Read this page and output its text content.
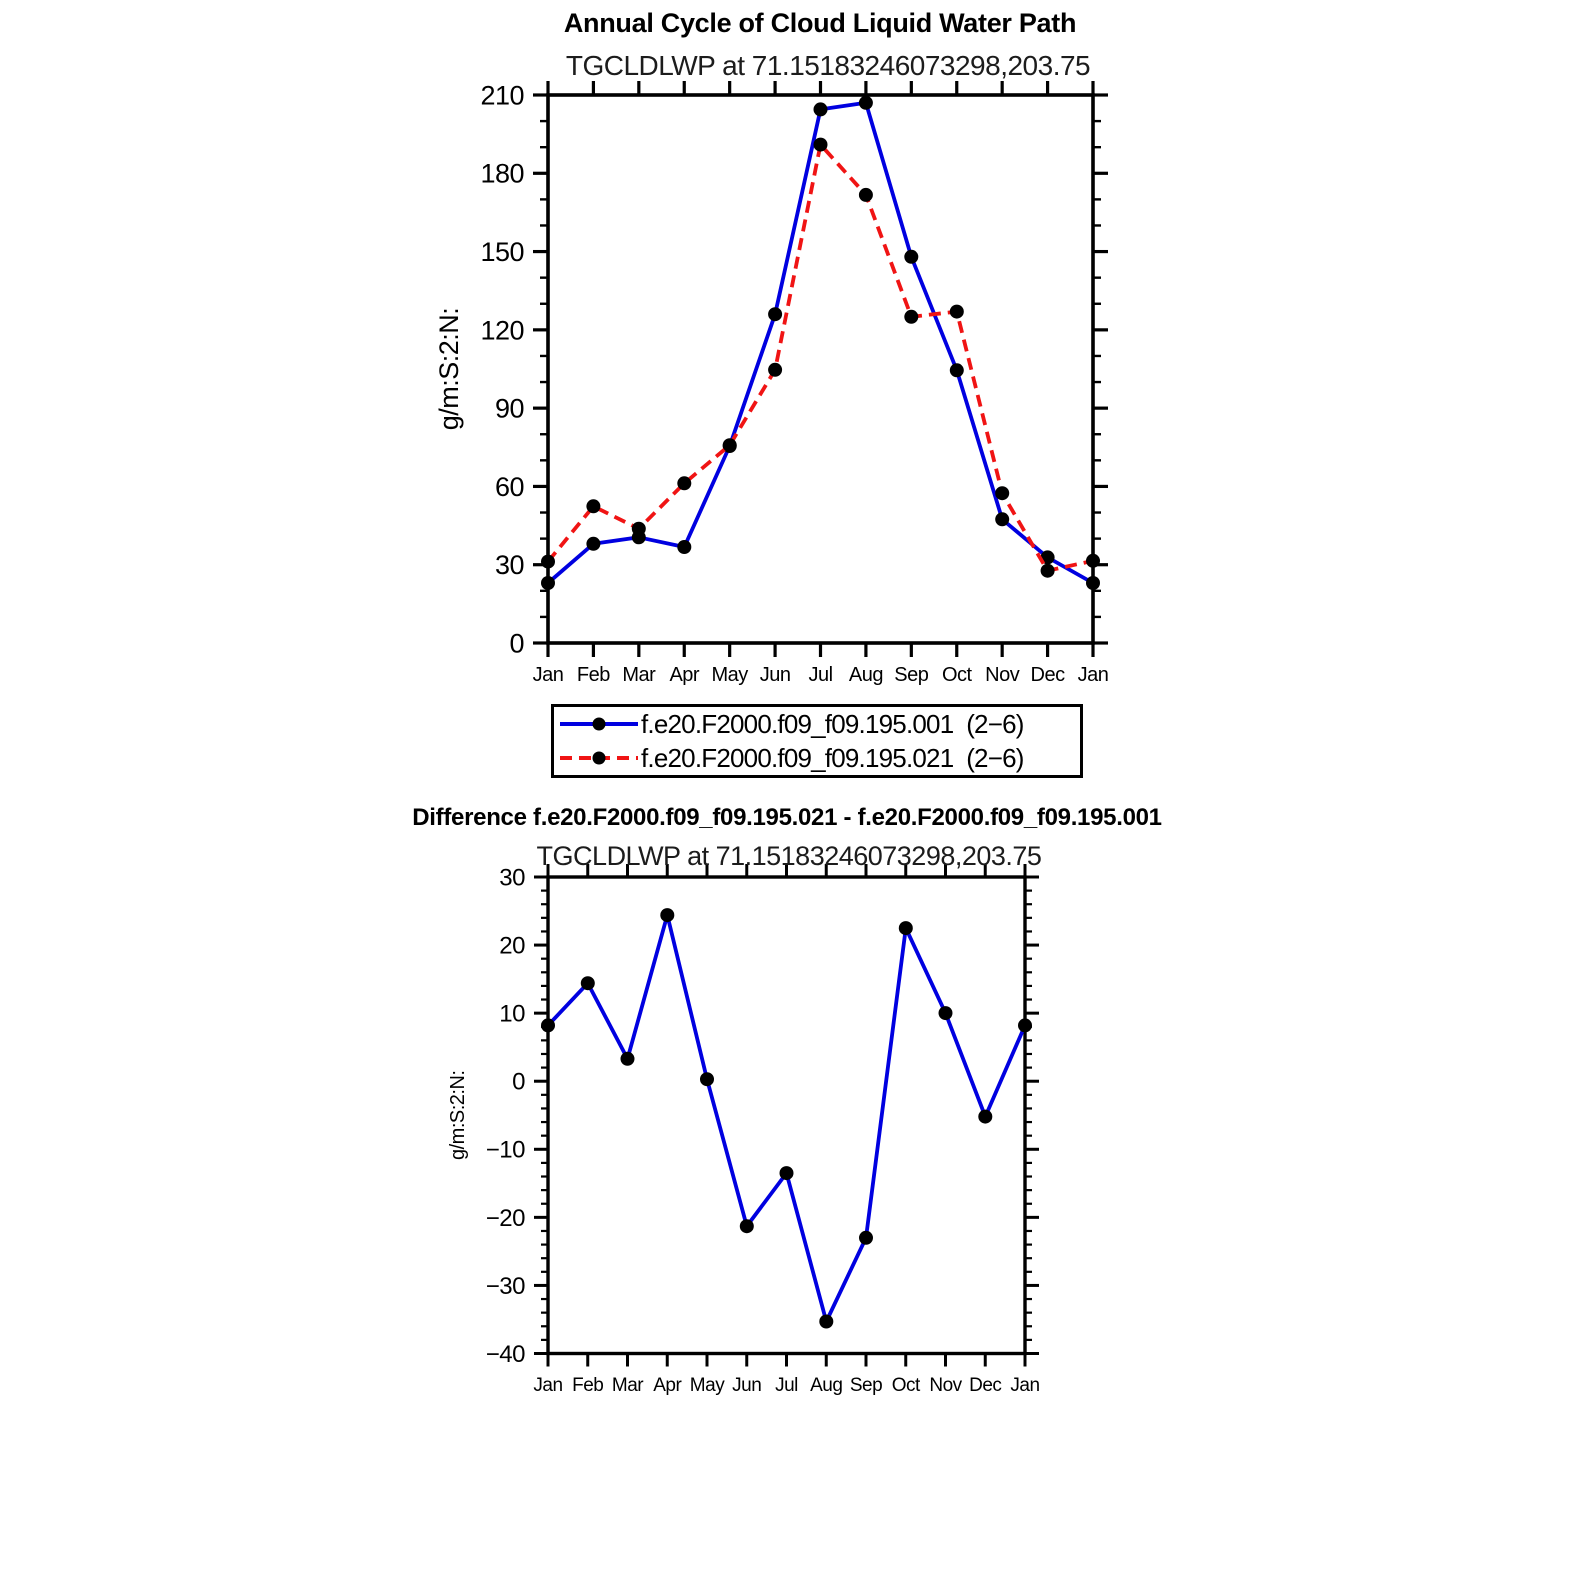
0
30
60
90
120
150
180
210
Jan Feb Mar Apr May Jun Jul Aug Sep Oct Nov Dec Jan
g/m:S:2:N:
−40
−30
−20
−10
0
10
20
30
Jan Feb Mar Apr May Jun Jul Aug Sep Oct Nov Dec Jan
g/m:S:2:N:
Annual Cycle of Cloud Liquid Water Path
TGCLDLWP at 71.15183246073298,203.75
f.e20.F2000.f09_f09.195.001  (2−6)
f.e20.F2000.f09_f09.195.021  (2−6)
Difference f.e20.F2000.f09_f09.195.021 - f.e20.F2000.f09_f09.195.001
TGCLDLWP at 71.15183246073298,203.75
